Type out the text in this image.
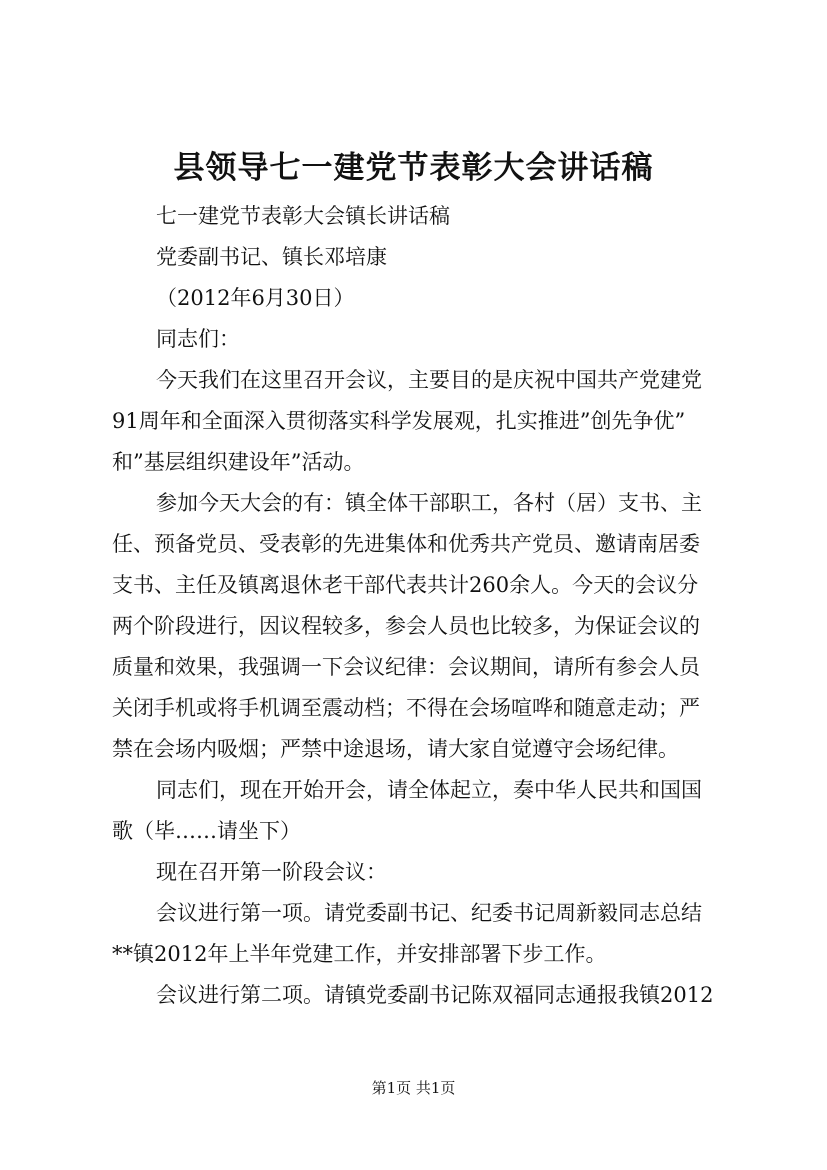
县领导七一建党节表彰大会讲话稿
七一建党节表彰大会镇长讲话稿
党委副书记、镇长邓培康
（2012年6月30日）
同志们：
今天我们在这里召开会议，主要目的是庆祝中国共产党建党
91周年和全面深入贯彻落实科学发展观，扎实推进”创先争优”
和”基层组织建设年”活动。
参加今天大会的有：镇全体干部职工，各村（居）支书、主
任、预备党员、受表彰的先进集体和优秀共产党员、邀请南居委
支书、主任及镇离退休老干部代表共计260余人。今天的会议分
两个阶段进行，因议程较多，参会人员也比较多，为保证会议的
质量和效果，我强调一下会议纪律：会议期间，请所有参会人员
关闭手机或将手机调至震动档；不得在会场喧哗和随意走动；严
禁在会场内吸烟；严禁中途退场，请大家自觉遵守会场纪律。
同志们，现在开始开会，请全体起立，奏中华人民共和国国
歌（毕……请坐下）
现在召开第一阶段会议：
会议进行第一项。请党委副书记、纪委书记周新毅同志总结
**镇2012年上半年党建工作，并安排部署下步工作。
会议进行第二项。请镇党委副书记陈双福同志通报我镇2012
第1页 共1页
